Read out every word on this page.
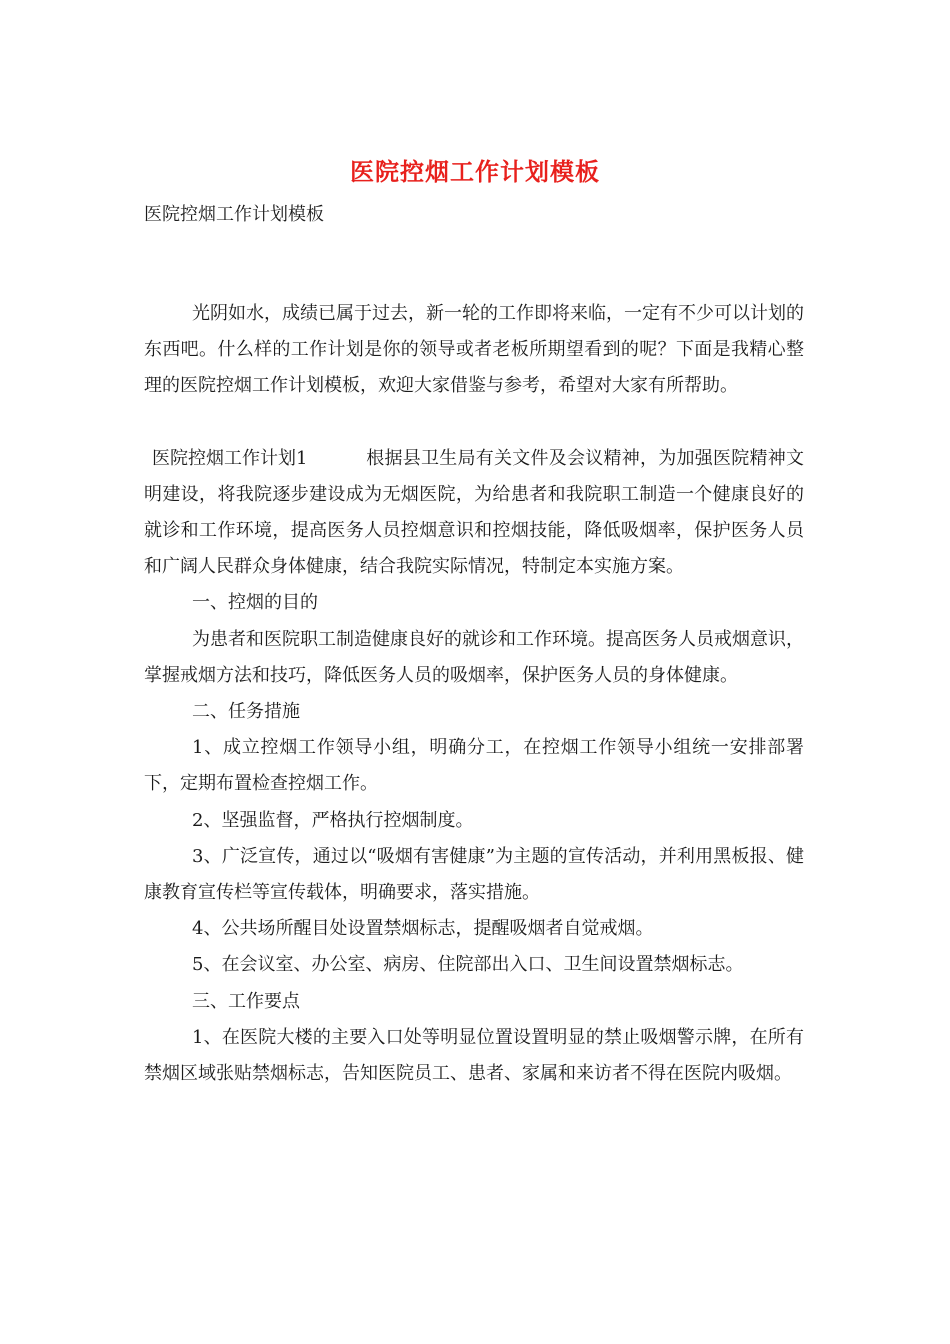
医院控烟工作计划模板

医院控烟工作计划模板

光阴如水，成绩已属于过去，新一轮的工作即将来临，一定有不少可以计划的东西吧。什么样的工作计划是你的领导或者老板所期望看到的呢？下面是我精心整理的医院控烟工作计划模板，欢迎大家借鉴与参考，希望对大家有所帮助。

医院控烟工作计划1	根据县卫生局有关文件及会议精神，为加强医院精神文明建设，将我院逐步建设成为无烟医院，为给患者和我院职工制造一个健康良好的就诊和工作环境，提高医务人员控烟意识和控烟技能，降低吸烟率，保护医务人员和广阔人民群众身体健康，结合我院实际情况，特制定本实施方案。

一、控烟的目的

为患者和医院职工制造健康良好的就诊和工作环境。提高医务人员戒烟意识，掌握戒烟方法和技巧，降低医务人员的吸烟率，保护医务人员的身体健康。

二、任务措施

1、成立控烟工作领导小组，明确分工，在控烟工作领导小组统一安排部署下，定期布置检查控烟工作。

2、坚强监督，严格执行控烟制度。

3、广泛宣传，通过以“吸烟有害健康”为主题的宣传活动，并利用黑板报、健康教育宣传栏等宣传载体，明确要求，落实措施。

4、公共场所醒目处设置禁烟标志，提醒吸烟者自觉戒烟。

5、在会议室、办公室、病房、住院部出入口、卫生间设置禁烟标志。

三、工作要点

1、在医院大楼的主要入口处等明显位置设置明显的禁止吸烟警示牌，在所有禁烟区域张贴禁烟标志，告知医院员工、患者、家属和来访者不得在医院内吸烟。
